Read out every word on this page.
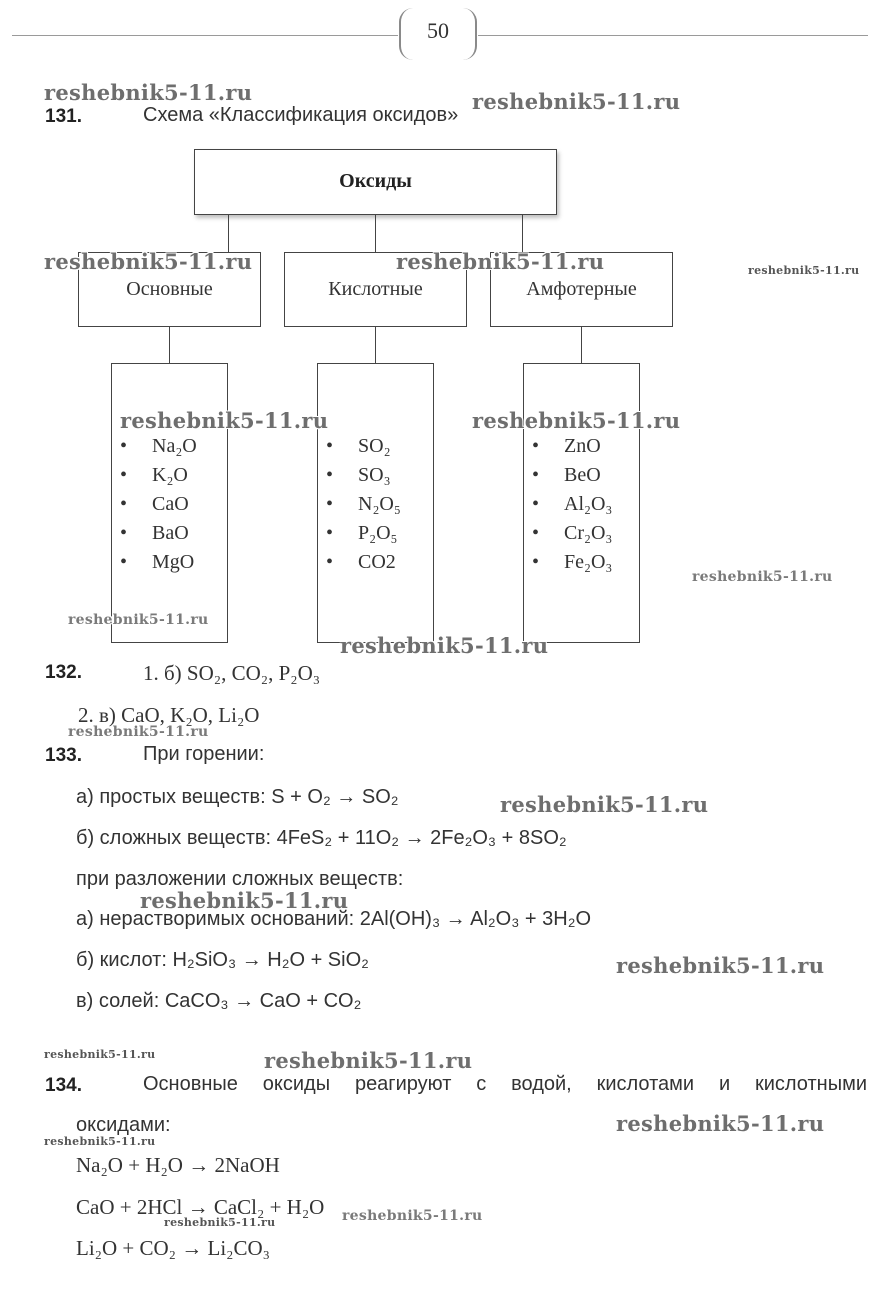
50
131.	Схема «Классификация оксидов»
Оксиды
Основные	Кислотные	Амфотерные
• Na₂O
• K₂O
• CaO
• BaO
• MgO
• SO₂
• SO₃
• N₂O₅
• P₂O₅
• CO2
• ZnO
• BeO
• Al₂O₃
• Cr₂O₃
• Fe₂O₃
132.	1. б) SO₂, CO₂, P₂O₃
2. в) CaO, K₂O, Li₂O
133.	При горении:
а) простых веществ: S + O₂ → SO₂
б) сложных веществ: 4FeS₂ + 11O₂ → 2Fe₂O₃ + 8SO₂
при разложении сложных веществ:
а) нерастворимых оснований: 2Al(OH)₃ → Al₂O₃ + 3H₂O
б) кислот: H₂SiO₃ → H₂O + SiO₂
в) солей: CaCO₃ → CaO + CO₂
134.	Основные оксиды реагируют с водой, кислотами и кислотными
оксидами:
Na₂O + H₂O → 2NaOH
CaO + 2HCl → CaCl₂ + H₂O
Li₂O + CO₂ → Li₂CO₃
reshebnik5-11.ru	reshebnik5-11.ru
reshebnik5-11.ru	reshebnik5-11.ru	reshebnik5-11.ru
reshebnik5-11.ru	reshebnik5-11.ru
reshebnik5-11.ru
reshebnik5-11.ru
reshebnik5-11.ru
reshebnik5-11.ru
reshebnik5-11.ru
reshebnik5-11.ru
reshebnik5-11.ru
reshebnik5-11.ru	reshebnik5-11.ru
reshebnik5-11.ru
reshebnik5-11.ru
reshebnik5-11.ru
reshebnik5-11.ru
